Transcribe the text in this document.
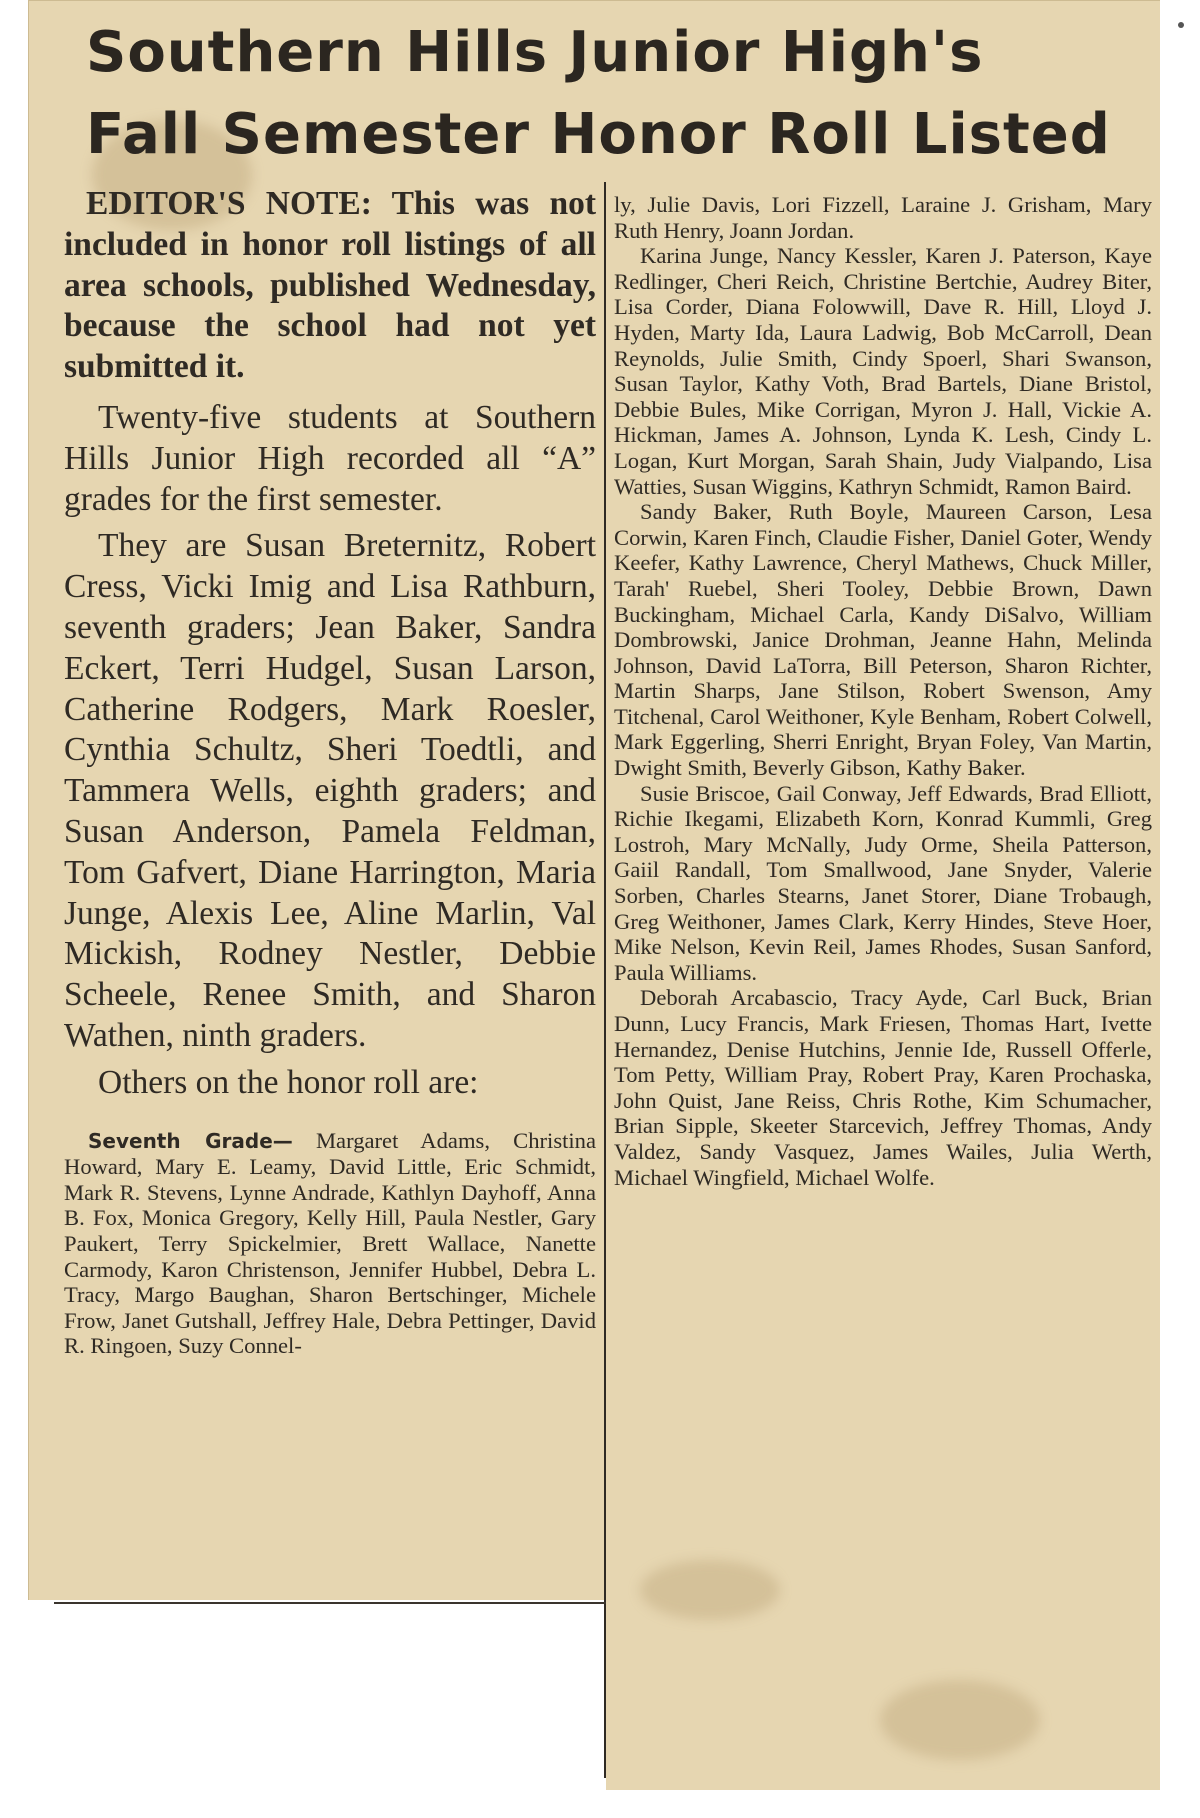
Southern Hills Junior High's
Fall Semester Honor Roll Listed

EDITOR'S NOTE: This was not included in honor roll listings of all area schools, published Wednesday, because the school had not yet submitted it.

Twenty-five students at Southern Hills Junior High recorded all “A” grades for the first semester.

They are Susan Breternitz, Robert Cress, Vicki Imig and Lisa Rathburn, seventh graders; Jean Baker, Sandra Eckert, Terri Hudgel, Susan Larson, Catherine Rodgers, Mark Roesler, Cynthia Schultz, Sheri Toedtli, and Tammera Wells, eighth graders; and Susan Anderson, Pamela Feldman, Tom Gafvert, Diane Harrington, Maria Junge, Alexis Lee, Aline Marlin, Val Mickish, Rodney Nestler, Debbie Scheele, Renee Smith, and Sharon Wathen, ninth graders.

Others on the honor roll are:

Seventh Grade— Margaret Adams, Christina Howard, Mary E. Leamy, David Little, Eric Schmidt, Mark R. Stevens, Lynne Andrade, Kathlyn Dayhoff, Anna B. Fox, Monica Gregory, Kelly Hill, Paula Nestler, Gary Paukert, Terry Spickelmier, Brett Wallace, Nanette Carmody, Karon Christenson, Jennifer Hubbel, Debra L. Tracy, Margo Baughan, Sharon Bertschinger, Michele Frow, Janet Gutshall, Jeffrey Hale, Debra Pettinger, David R. Ringoen, Suzy Connel-

ly, Julie Davis, Lori Fizzell, Laraine J. Grisham, Mary Ruth Henry, Joann Jordan.

Karina Junge, Nancy Kessler, Karen J. Paterson, Kaye Redlinger, Cheri Reich, Christine Bertchie, Audrey Biter, Lisa Corder, Diana Folowwill, Dave R. Hill, Lloyd J. Hyden, Marty Ida, Laura Ladwig, Bob McCarroll, Dean Reynolds, Julie Smith, Cindy Spoerl, Shari Swanson, Susan Taylor, Kathy Voth, Brad Bartels, Diane Bristol, Debbie Bules, Mike Corrigan, Myron J. Hall, Vickie A. Hickman, James A. Johnson, Lynda K. Lesh, Cindy L. Logan, Kurt Morgan, Sarah Shain, Judy Vialpando, Lisa Watties, Susan Wiggins, Kathryn Schmidt, Ramon Baird.

Sandy Baker, Ruth Boyle, Maureen Carson, Lesa Corwin, Karen Finch, Claudie Fisher, Daniel Goter, Wendy Keefer, Kathy Lawrence, Cheryl Mathews, Chuck Miller, Tarah' Ruebel, Sheri Tooley, Debbie Brown, Dawn Buckingham, Michael Carla, Kandy DiSalvo, William Dombrowski, Janice Drohman, Jeanne Hahn, Melinda Johnson, David LaTorra, Bill Peterson, Sharon Richter, Martin Sharps, Jane Stilson, Robert Swenson, Amy Titchenal, Carol Weithoner, Kyle Benham, Robert Colwell, Mark Eggerling, Sherri Enright, Bryan Foley, Van Martin, Dwight Smith, Beverly Gibson, Kathy Baker.

Susie Briscoe, Gail Conway, Jeff Edwards, Brad Elliott, Richie Ikegami, Elizabeth Korn, Konrad Kummli, Greg Lostroh, Mary McNally, Judy Orme, Sheila Patterson, Gaiil Randall, Tom Smallwood, Jane Snyder, Valerie Sorben, Charles Stearns, Janet Storer, Diane Trobaugh, Greg Weithoner, James Clark, Kerry Hindes, Steve Hoer, Mike Nelson, Kevin Reil, James Rhodes, Susan Sanford, Paula Williams.

Deborah Arcabascio, Tracy Ayde, Carl Buck, Brian Dunn, Lucy Francis, Mark Friesen, Thomas Hart, Ivette Hernandez, Denise Hutchins, Jennie Ide, Russell Offerle, Tom Petty, William Pray, Robert Pray, Karen Prochaska, John Quist, Jane Reiss, Chris Rothe, Kim Schumacher, Brian Sipple, Skeeter Starcevich, Jeffrey Thomas, Andy Valdez, Sandy Vasquez, James Wailes, Julia Werth, Michael Wingfield, Michael Wolfe.
